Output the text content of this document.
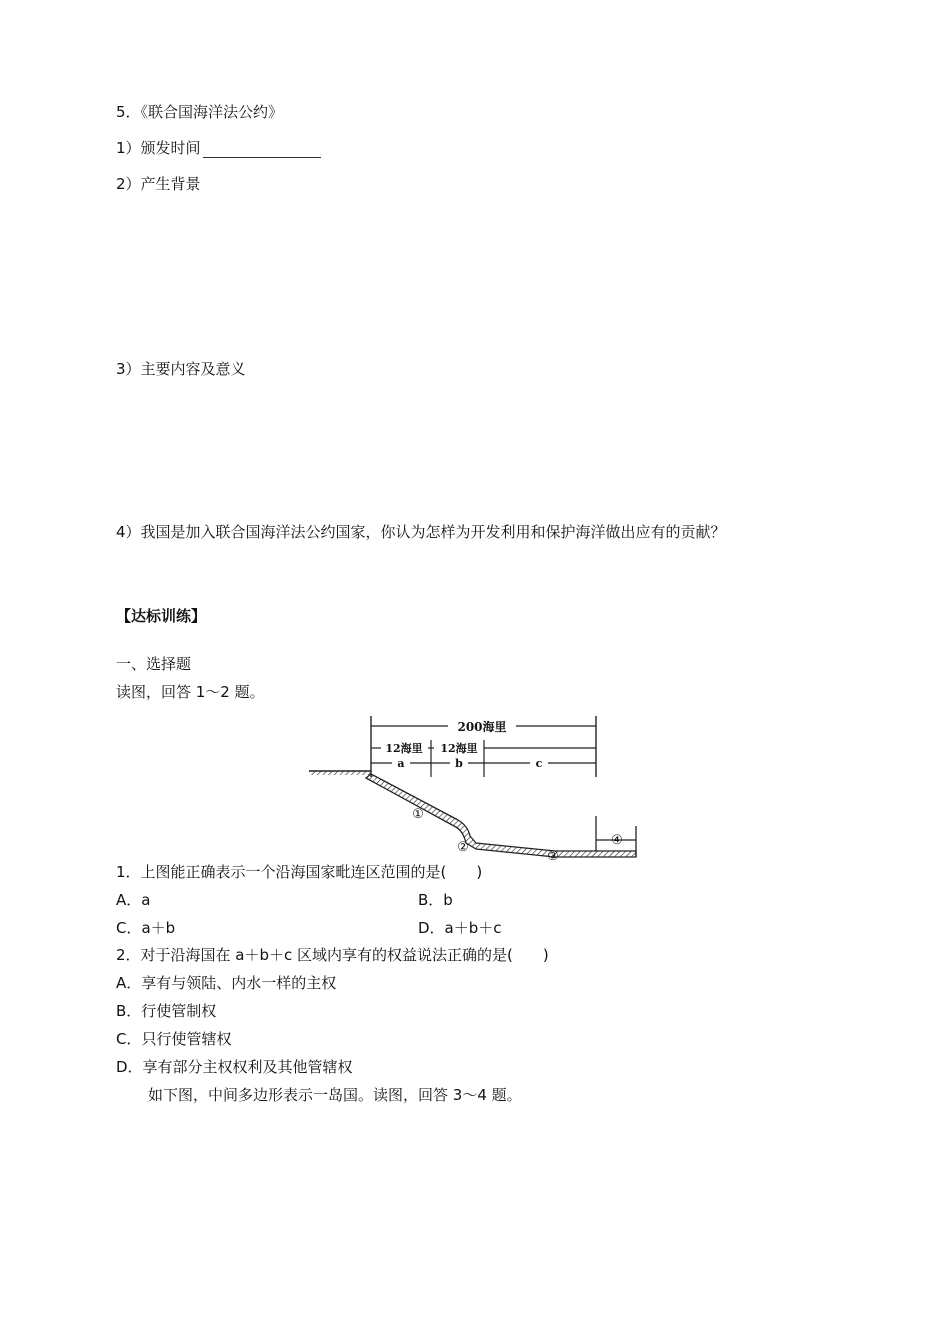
5．《联合国海洋法公约》
1）颁发时间
2）产生背景
3）主要内容及意义
4）我国是加入联合国海洋法公约国家，你认为怎样为开发利用和保护海洋做出应有的贡献？
【达标训练】
一、选择题
读图，回答 1～2 题。
200海里
12海里 12海里
a	b	c
①
②
③
④
1．上图能正确表示一个沿海国家毗连区范围的是(　　)
A．a	B．b
C．a＋b	D．a＋b＋c
2．对于沿海国在 a＋b＋c 区域内享有的权益说法正确的是(　　)
A．享有与领陆、内水一样的主权
B．行使管制权
C．只行使管辖权
D．享有部分主权权利及其他管辖权
如下图，中间多边形表示一岛国。读图，回答 3～4 题。
